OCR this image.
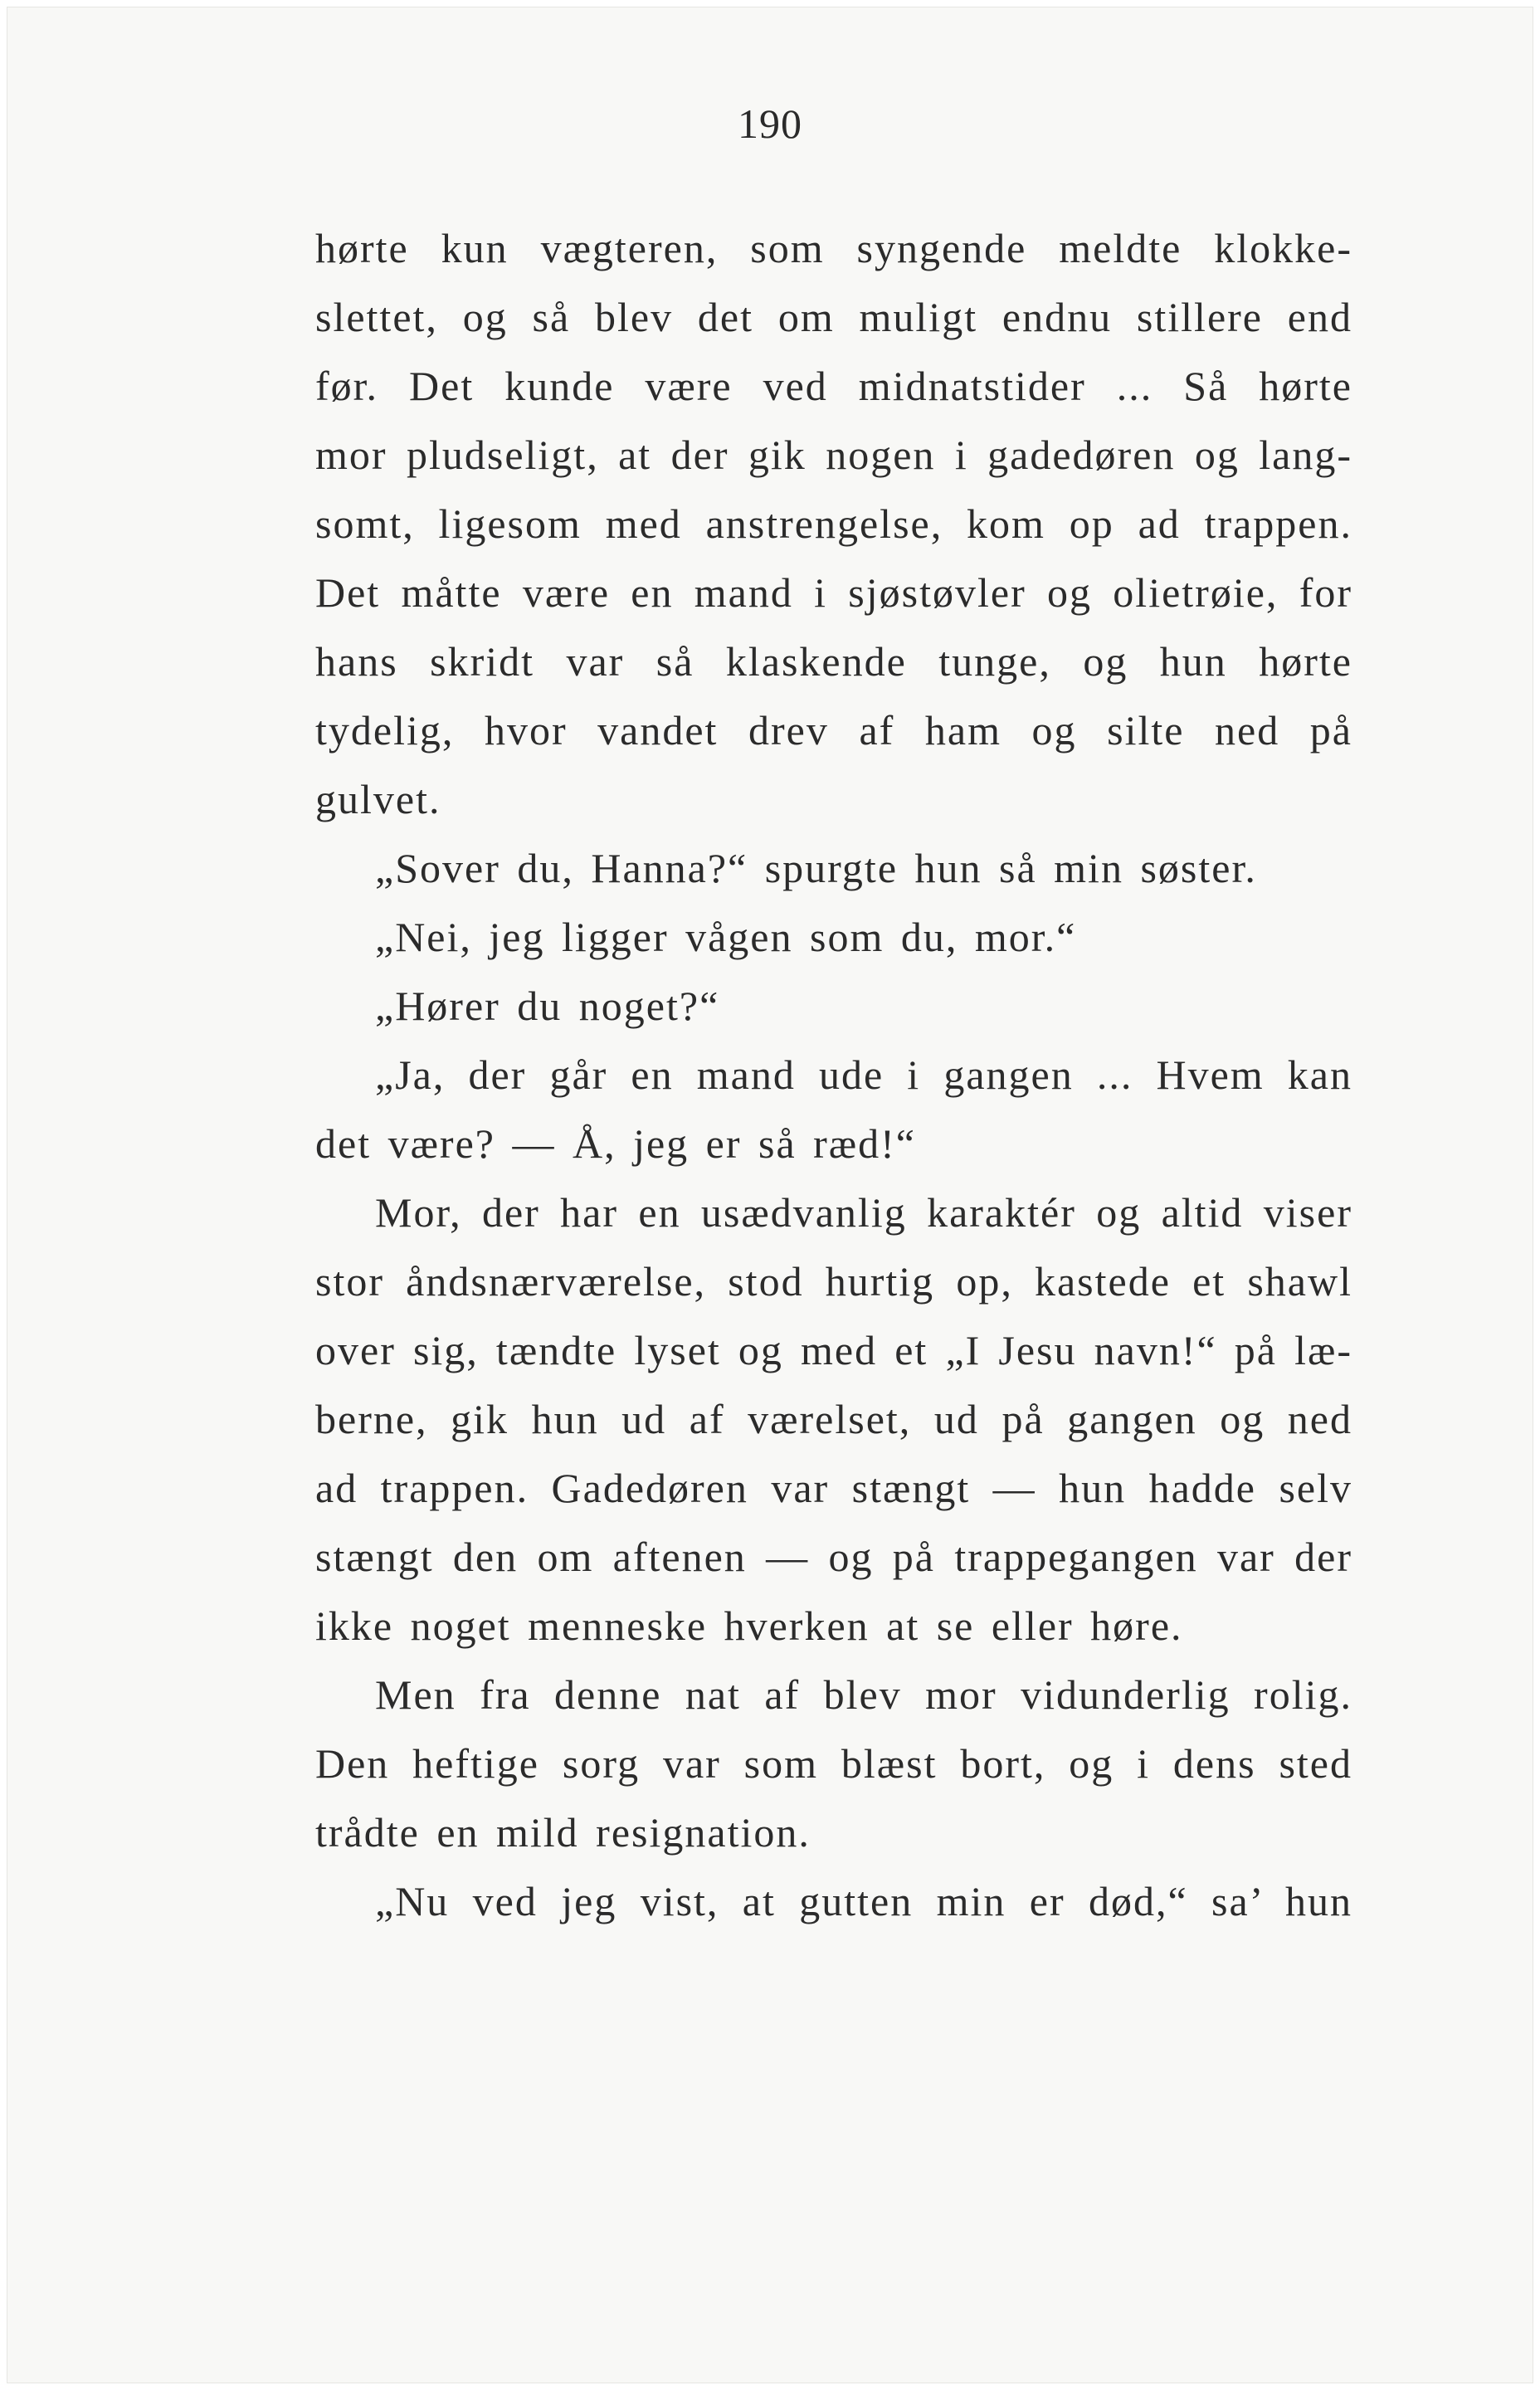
190
hørte kun vægteren, som syngende meldte klokke-
slettet, og så blev det om muligt endnu stillere end
før. Det kunde være ved midnatstider ... Så hørte
mor pludseligt, at der gik nogen i gadedøren og lang-
somt, ligesom med anstrengelse, kom op ad trappen.
Det måtte være en mand i sjøstøvler og olietrøie, for
hans skridt var så klaskende tunge, og hun hørte
tydelig, hvor vandet drev af ham og silte ned på
gulvet.
„Sover du, Hanna?“ spurgte hun så min søster.
„Nei, jeg ligger vågen som du, mor.“
„Hører du noget?“
„Ja, der går en mand ude i gangen ... Hvem kan
det være? — Å, jeg er så ræd!“
Mor, der har en usædvanlig karaktér og altid viser
stor åndsnærværelse, stod hurtig op, kastede et shawl
over sig, tændte lyset og med et „I Jesu navn!“ på læ-
berne, gik hun ud af værelset, ud på gangen og ned
ad trappen. Gadedøren var stængt — hun hadde selv
stængt den om aftenen — og på trappegangen var der
ikke noget menneske hverken at se eller høre.
Men fra denne nat af blev mor vidunderlig rolig.
Den heftige sorg var som blæst bort, og i dens sted
trådte en mild resignation.
„Nu ved jeg vist, at gutten min er død,“ sa’ hun
